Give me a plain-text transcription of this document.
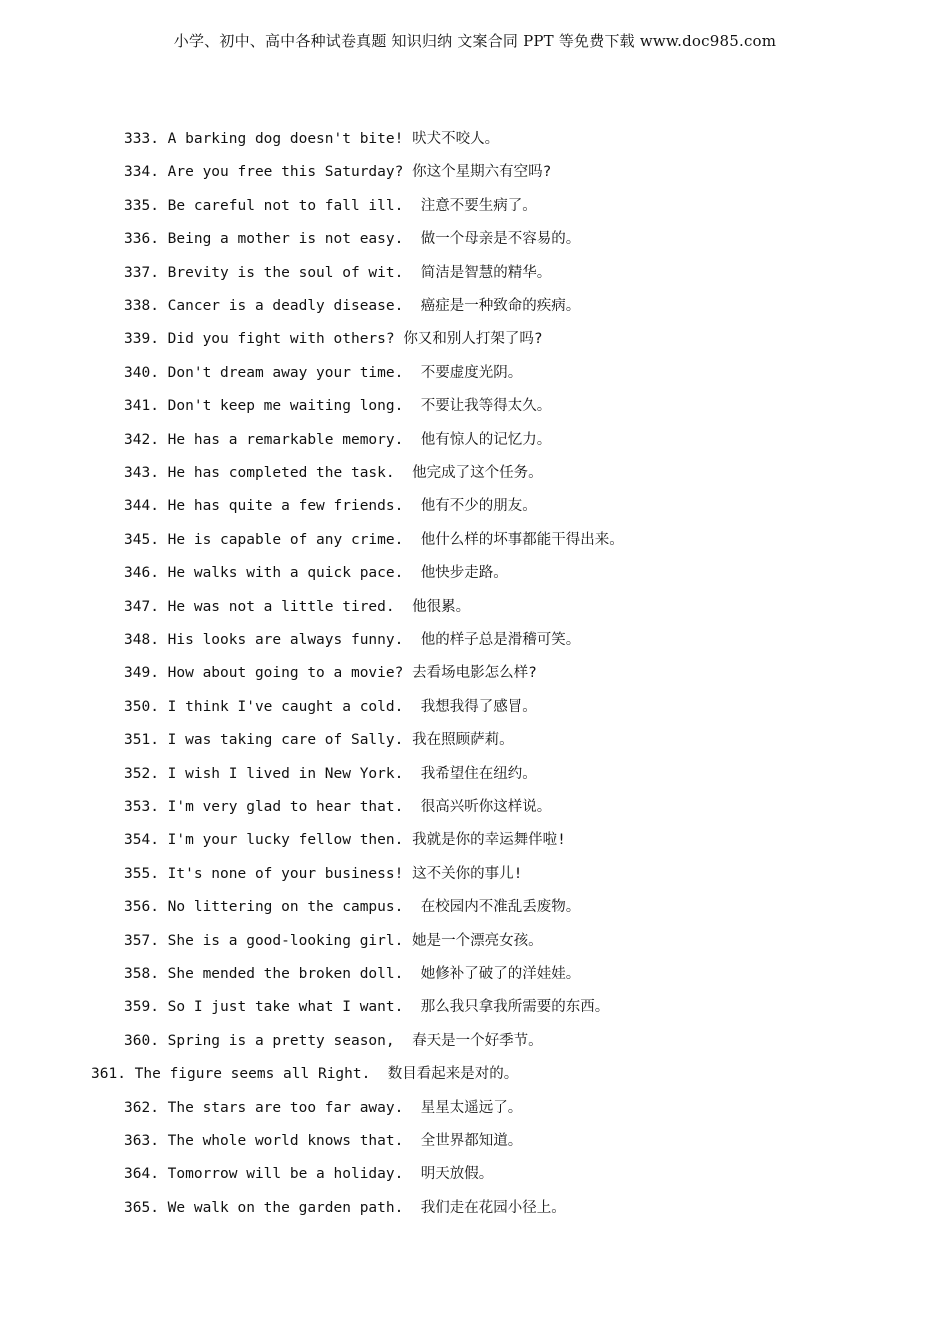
小学、初中、高中各种试卷真题 知识归纳 文案合同 PPT 等免费下载 www.doc985.com
333. A barking dog doesn't bite! 吠犬不咬人。
334. Are you free this Saturday? 你这个星期六有空吗?
335. Be careful not to fall ill.  注意不要生病了。
336. Being a mother is not easy.  做一个母亲是不容易的。
337. Brevity is the soul of wit.  简洁是智慧的精华。
338. Cancer is a deadly disease.  癌症是一种致命的疾病。
339. Did you fight with others? 你又和别人打架了吗?
340. Don't dream away your time.  不要虚度光阴。
341. Don't keep me waiting long.  不要让我等得太久。
342. He has a remarkable memory.  他有惊人的记忆力。
343. He has completed the task.  他完成了这个任务。
344. He has quite a few friends.  他有不少的朋友。
345. He is capable of any crime.  他什么样的坏事都能干得出来。
346. He walks with a quick pace.  他快步走路。
347. He was not a little tired.  他很累。
348. His looks are always funny.  他的样子总是滑稽可笑。
349. How about going to a movie? 去看场电影怎么样?
350. I think I've caught a cold.  我想我得了感冒。
351. I was taking care of Sally. 我在照顾萨莉。
352. I wish I lived in New York.  我希望住在纽约。
353. I'm very glad to hear that.  很高兴听你这样说。
354. I'm your lucky fellow then. 我就是你的幸运舞伴啦!
355. It's none of your business! 这不关你的事儿!
356. No littering on the campus.  在校园内不准乱丢废物。
357. She is a good-looking girl. 她是一个漂亮女孩。
358. She mended the broken doll.  她修补了破了的洋娃娃。
359. So I just take what I want.  那么我只拿我所需要的东西。
360. Spring is a pretty season,  春天是一个好季节。
361. The figure seems all Right.  数目看起来是对的。
362. The stars are too far away.  星星太遥远了。
363. The whole world knows that.  全世界都知道。
364. Tomorrow will be a holiday.  明天放假。
365. We walk on the garden path.  我们走在花园小径上。
